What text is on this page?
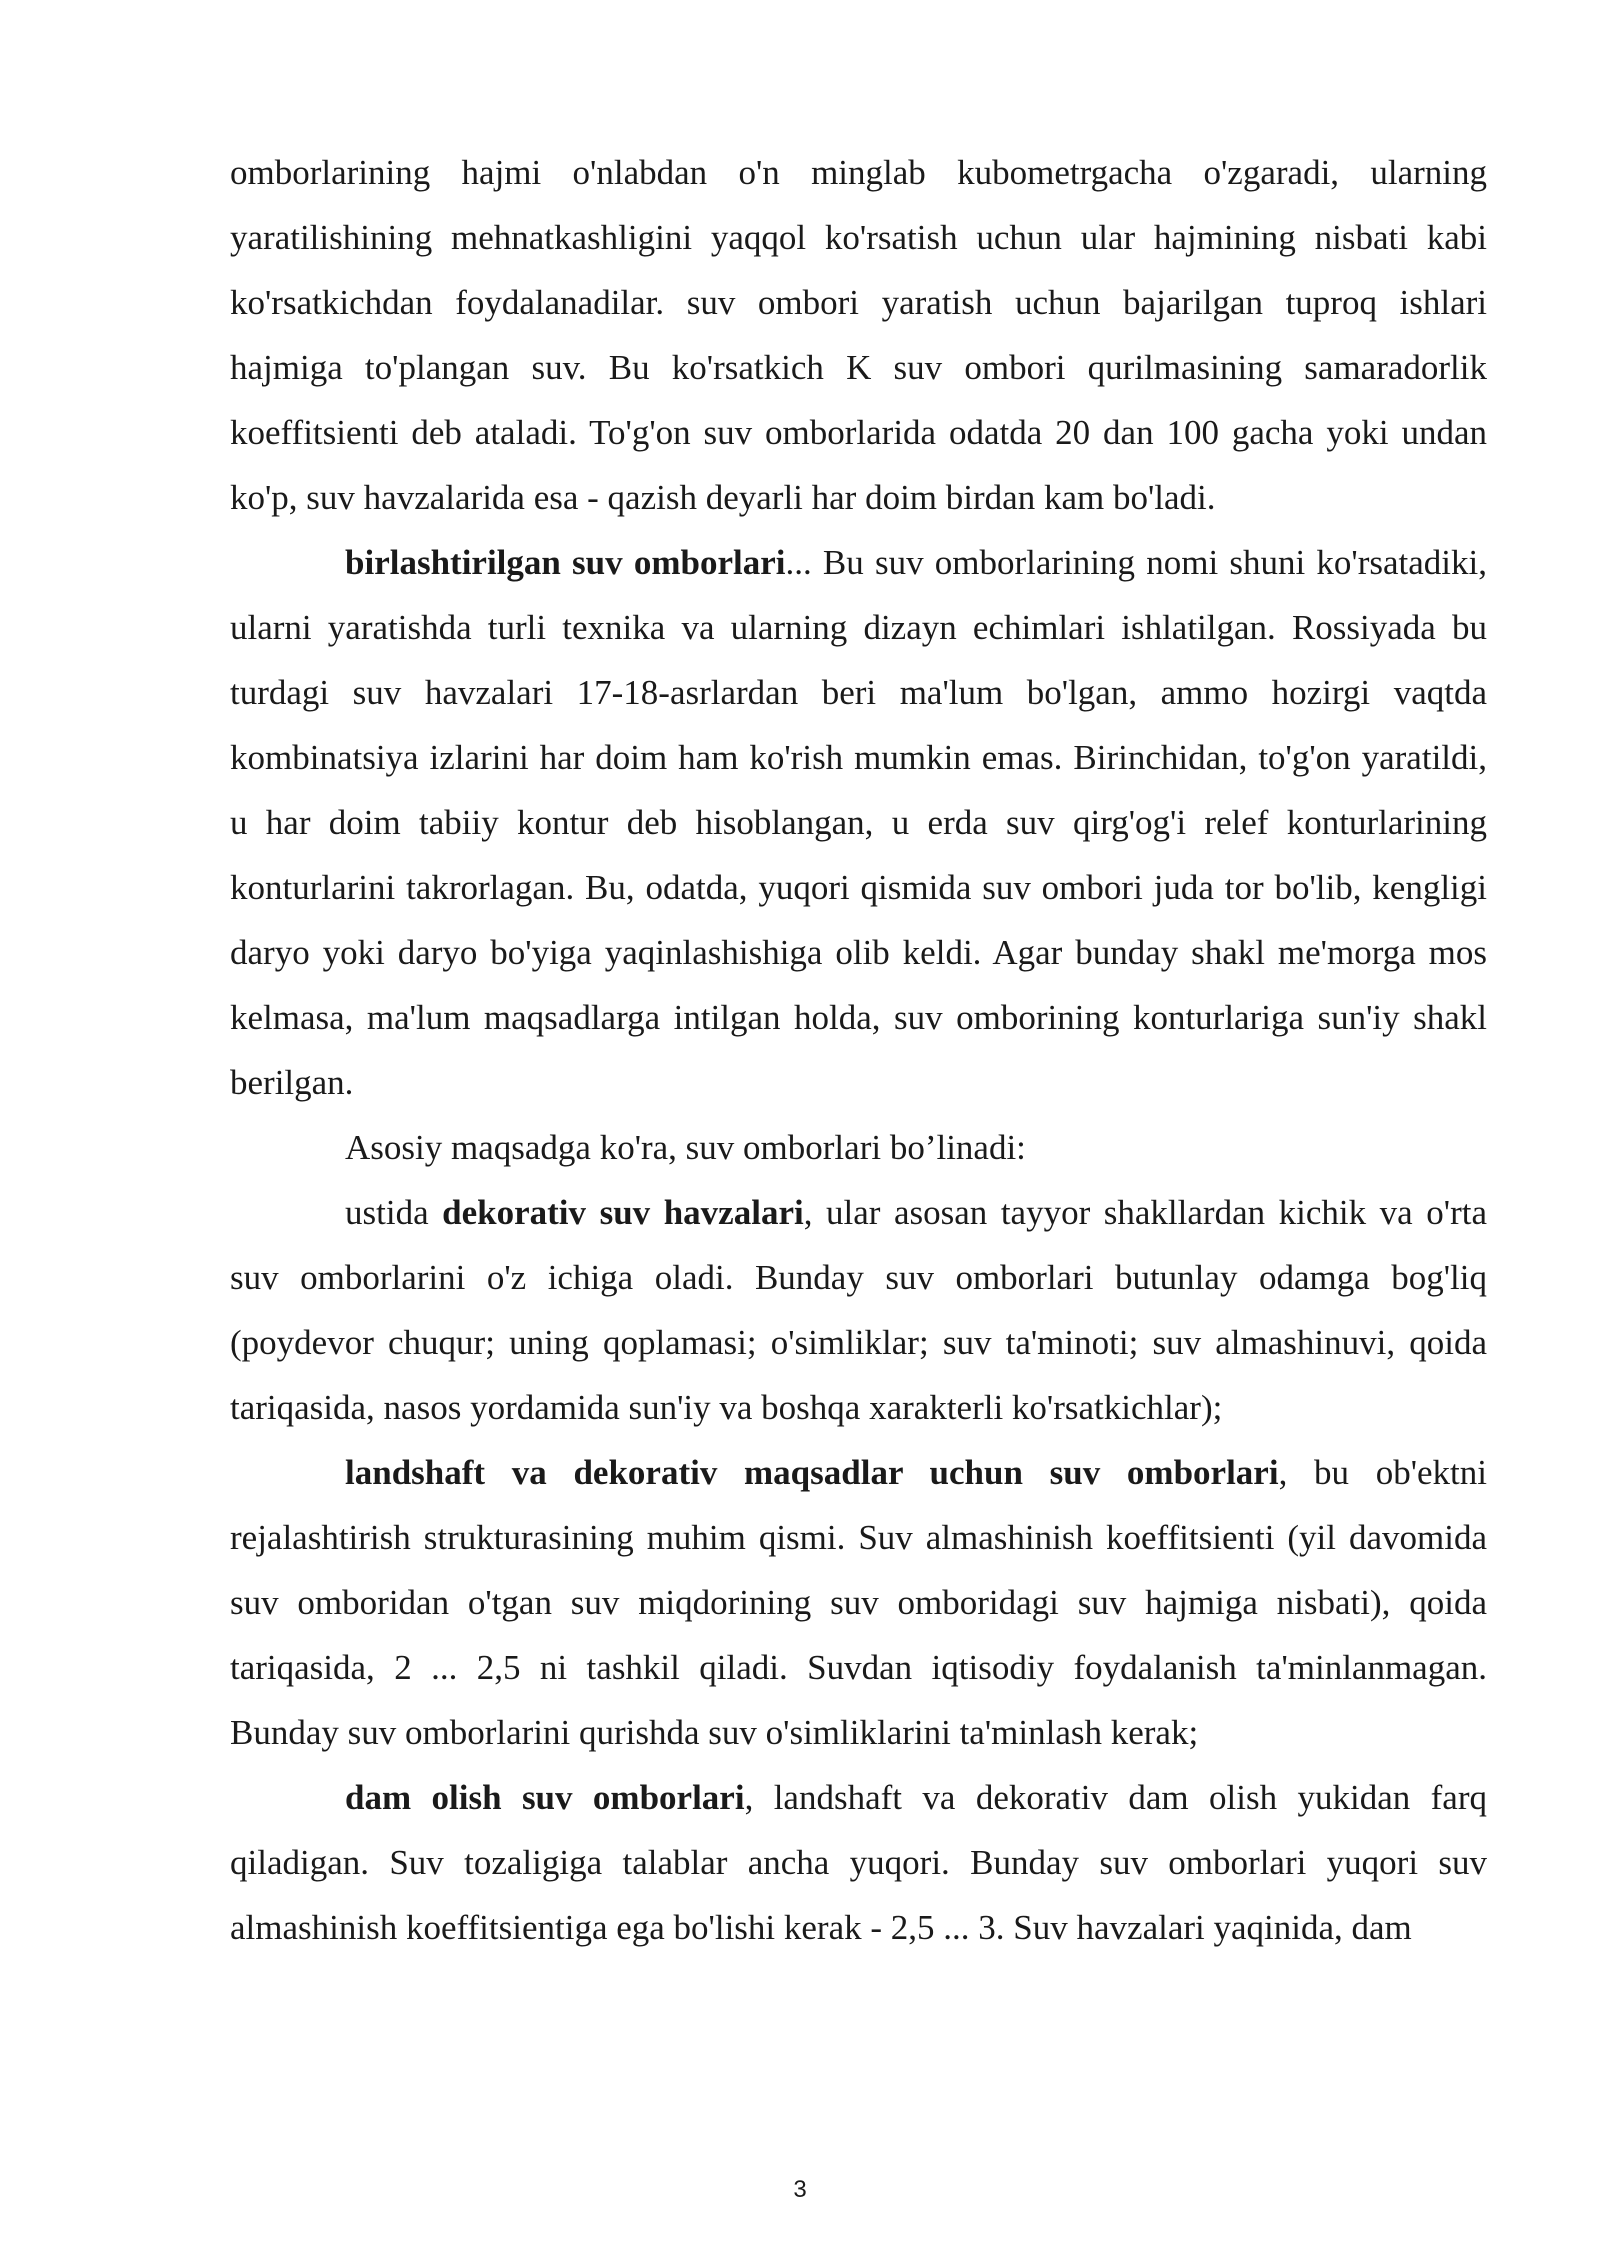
omborlarining hajmi o'nlabdan o'n minglab kubometrgacha o'zgaradi, ularning yaratilishining mehnatkashligini yaqqol ko'rsatish uchun ular hajmining nisbati kabi ko'rsatkichdan foydalanadilar. suv ombori yaratish uchun bajarilgan tuproq ishlari hajmiga to'plangan suv. Bu ko'rsatkich K suv ombori qurilmasining samaradorlik koeffitsienti deb ataladi. To'g'on suv omborlarida odatda 20 dan 100 gacha yoki undan ko'p, suv havzalarida esa - qazish deyarli har doim birdan kam bo'ladi.

birlashtirilgan suv omborlari... Bu suv omborlarining nomi shuni ko'rsatadiki, ularni yaratishda turli texnika va ularning dizayn echimlari ishlatilgan. Rossiyada bu turdagi suv havzalari 17-18-asrlardan beri ma'lum bo'lgan, ammo hozirgi vaqtda kombinatsiya izlarini har doim ham ko'rish mumkin emas. Birinchidan, to'g'on yaratildi, u har doim tabiiy kontur deb hisoblangan, u erda suv qirg'og'i relef konturlarining konturlarini takrorlagan. Bu, odatda, yuqori qismida suv ombori juda tor bo'lib, kengligi daryo yoki daryo bo'yiga yaqinlashishiga olib keldi. Agar bunday shakl me'morga mos kelmasa, ma'lum maqsadlarga intilgan holda, suv omborining konturlariga sun'iy shakl berilgan.

Asosiy maqsadga ko'ra, suv omborlari bo’linadi:

ustida dekorativ suv havzalari, ular asosan tayyor shakllardan kichik va o'rta suv omborlarini o'z ichiga oladi. Bunday suv omborlari butunlay odamga bog'liq (poydevor chuqur; uning qoplamasi; o'simliklar; suv ta'minoti; suv almashinuvi, qoida tariqasida, nasos yordamida sun'iy va boshqa xarakterli ko'rsatkichlar);

landshaft va dekorativ maqsadlar uchun suv omborlari, bu ob'ektni rejalashtirish strukturasining muhim qismi. Suv almashinish koeffitsienti (yil davomida suv omboridan o'tgan suv miqdorining suv omboridagi suv hajmiga nisbati), qoida tariqasida, 2 ... 2,5 ni tashkil qiladi. Suvdan iqtisodiy foydalanish ta'minlanmagan. Bunday suv omborlarini qurishda suv o'simliklarini ta'minlash kerak;

dam olish suv omborlari, landshaft va dekorativ dam olish yukidan farq qiladigan. Suv tozaligiga talablar ancha yuqori. Bunday suv omborlari yuqori suv almashinish koeffitsientiga ega bo'lishi kerak - 2,5 ... 3. Suv havzalari yaqinida, dam

3
